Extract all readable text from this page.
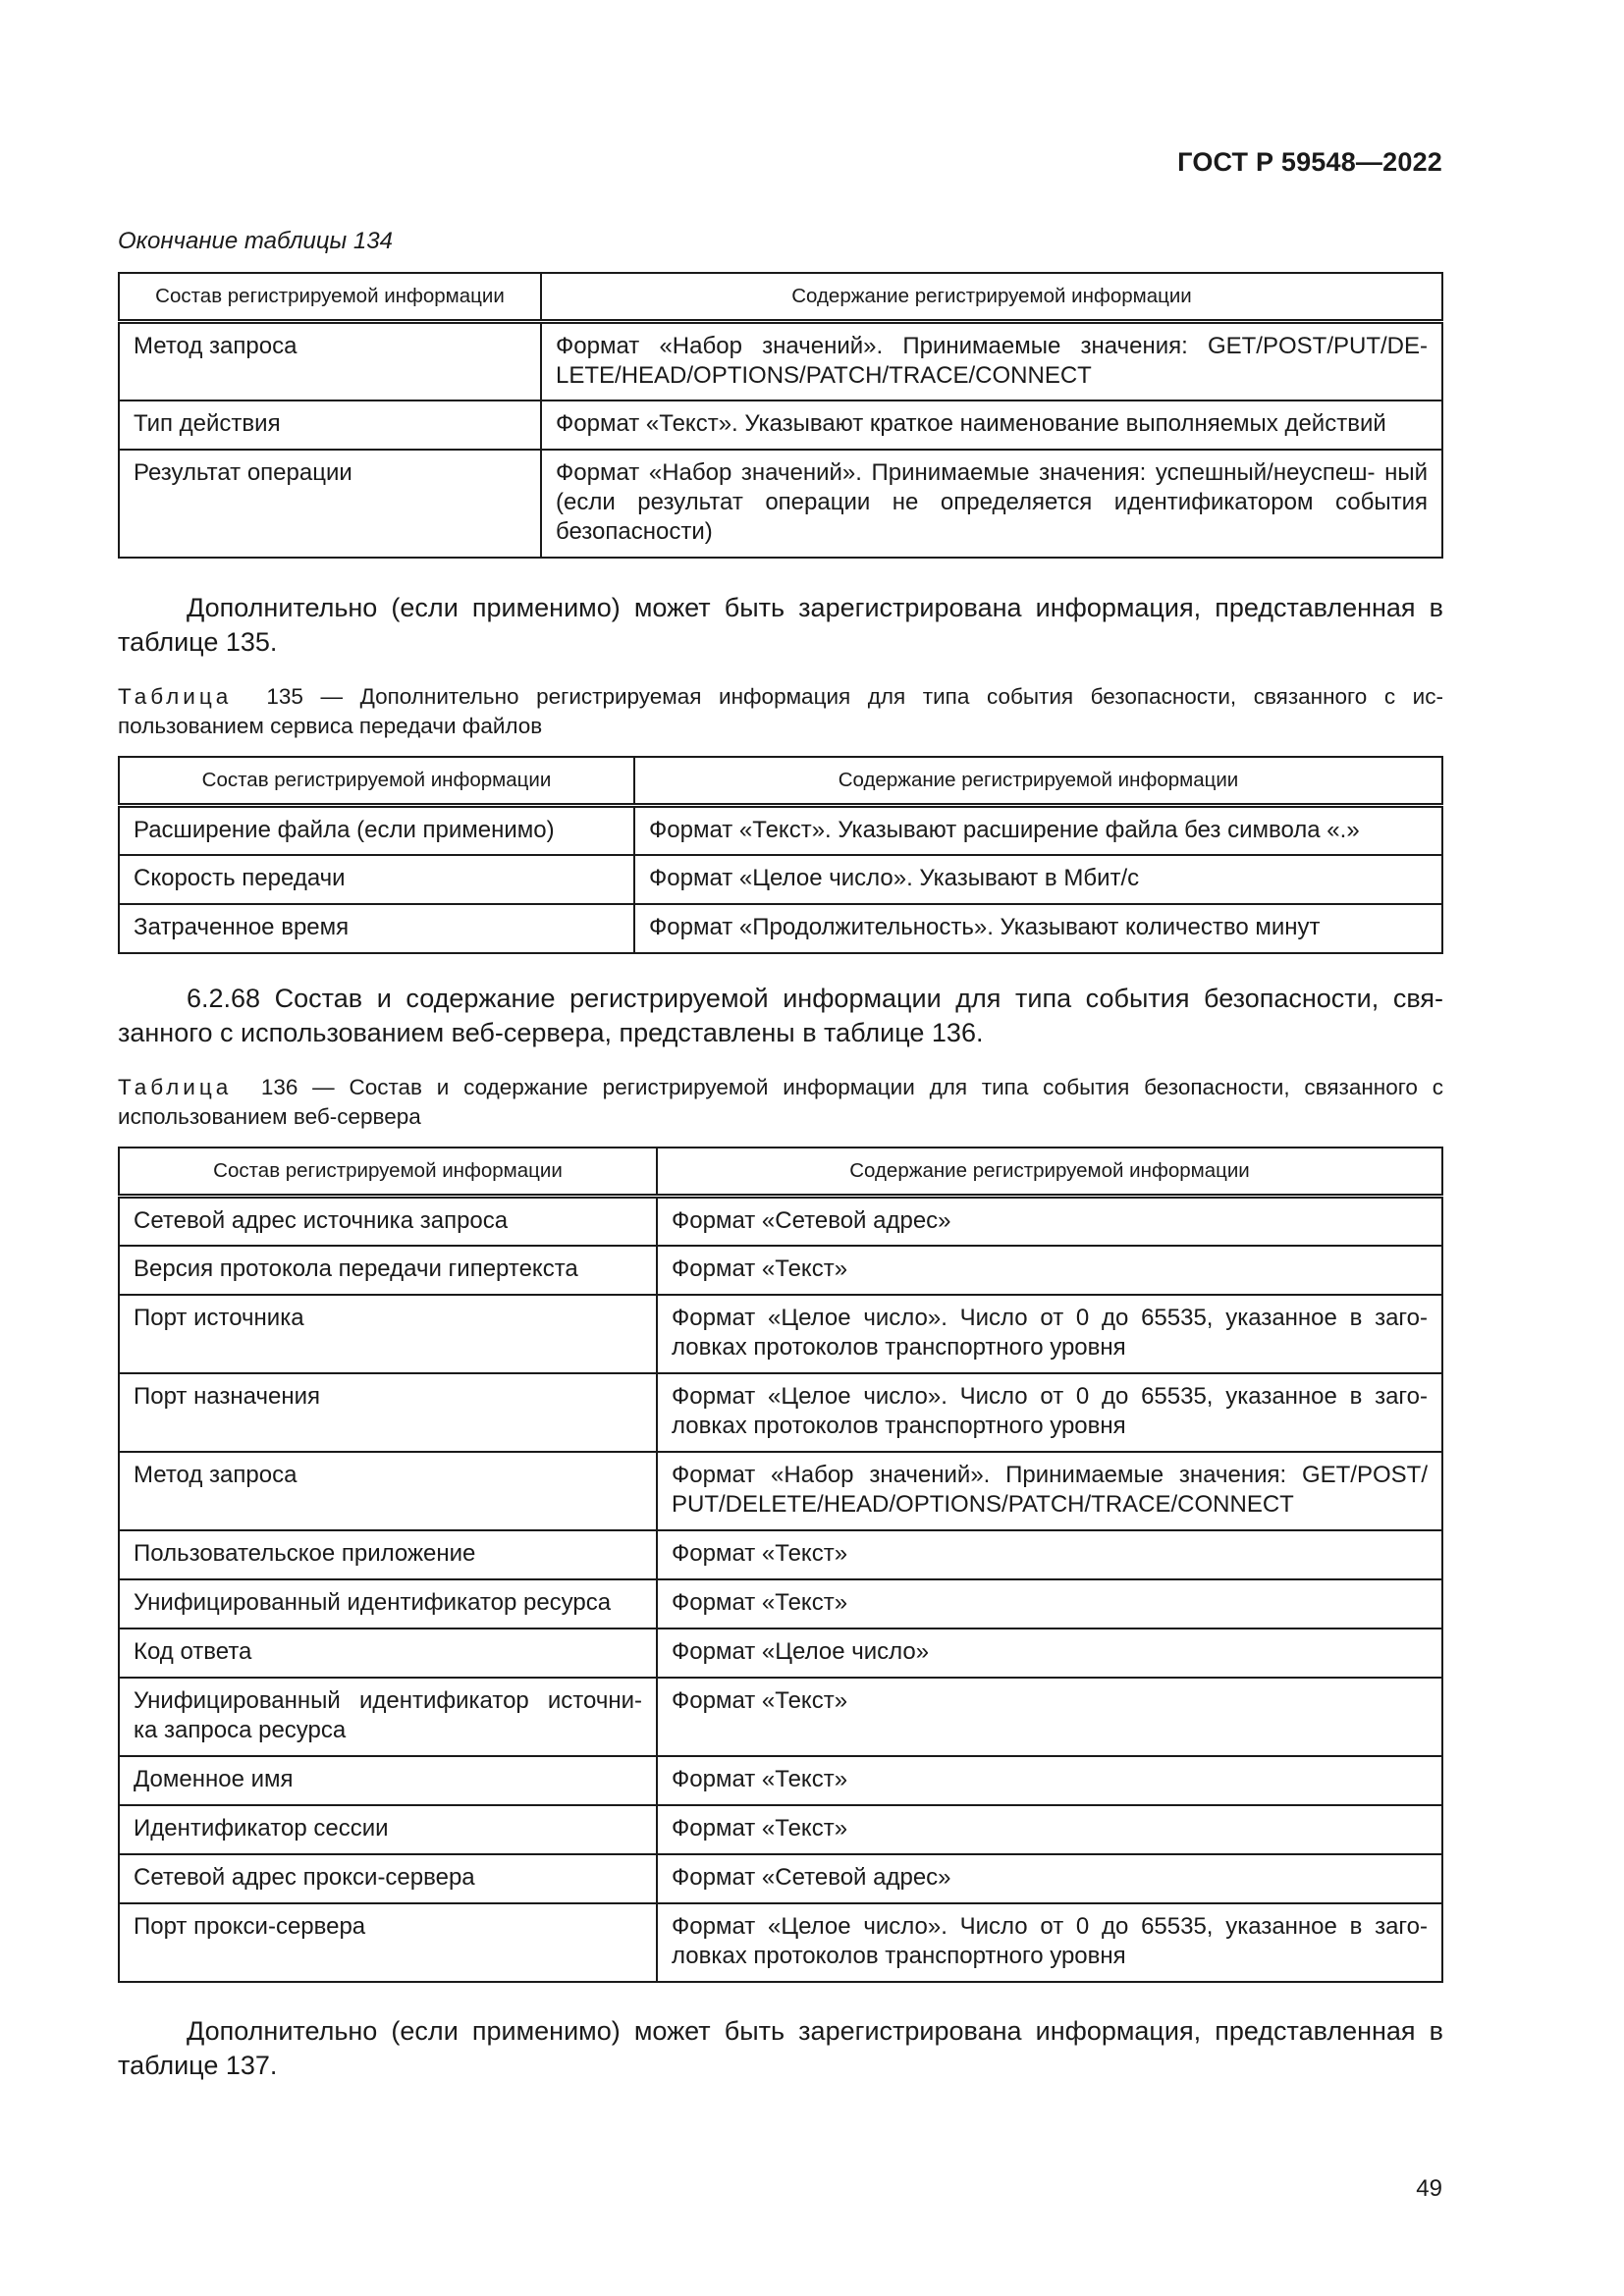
ГОСТ Р 59548—2022
Окончание таблицы 134
Состав регистрируемой информации	Содержание регистрируемой информации
Метод запроса	Формат «Набор значений». Принимаемые значения: GET/POST/PUT/DE- LETE/HEAD/OPTIONS/PATCH/TRACE/CONNECT
Тип действия	Формат «Текст». Указывают краткое наименование выполняемых действий
Результат операции	Формат «Набор значений». Принимаемые значения: успешный/неуспеш- ный (если результат операции не определяется идентификатором события безопасности)
Дополнительно (если применимо) может быть зарегистрирована информация, представленная в таблице 135.
Таблица 135 — Дополнительно регистрируемая информация для типа события безопасности, связанного с ис- пользованием сервиса передачи файлов
Состав регистрируемой информации	Содержание регистрируемой информации
Расширение файла (если применимо)	Формат «Текст». Указывают расширение файла без символа «.»
Скорость передачи	Формат «Целое число». Указывают в Мбит/с
Затраченное время	Формат «Продолжительность». Указывают количество минут
6.2.68 Состав и содержание регистрируемой информации для типа события безопасности, свя- занного с использованием веб-сервера, представлены в таблице 136.
Таблица 136 — Состав и содержание регистрируемой информации для типа события безопасности, связанного с использованием веб-сервера
Состав регистрируемой информации	Содержание регистрируемой информации
Сетевой адрес источника запроса	Формат «Сетевой адрес»
Версия протокола передачи гипертекста	Формат «Текст»
Порт источника	Формат «Целое число». Число от 0 до 65535, указанное в заго- ловках протоколов транспортного уровня
Порт назначения	Формат «Целое число». Число от 0 до 65535, указанное в заго- ловках протоколов транспортного уровня
Метод запроса	Формат «Набор значений». Принимаемые значения: GET/POST/ PUT/DELETE/HEAD/OPTIONS/PATCH/TRACE/CONNECT
Пользовательское приложение	Формат «Текст»
Унифицированный идентификатор ресурса	Формат «Текст»
Код ответа	Формат «Целое число»
Унифицированный идентификатор источни- ка запроса ресурса	Формат «Текст»
Доменное имя	Формат «Текст»
Идентификатор сессии	Формат «Текст»
Сетевой адрес прокси-сервера	Формат «Сетевой адрес»
Порт прокси-сервера	Формат «Целое число». Число от 0 до 65535, указанное в заго- ловках протоколов транспортного уровня
Дополнительно (если применимо) может быть зарегистрирована информация, представленная в таблице 137.
49
